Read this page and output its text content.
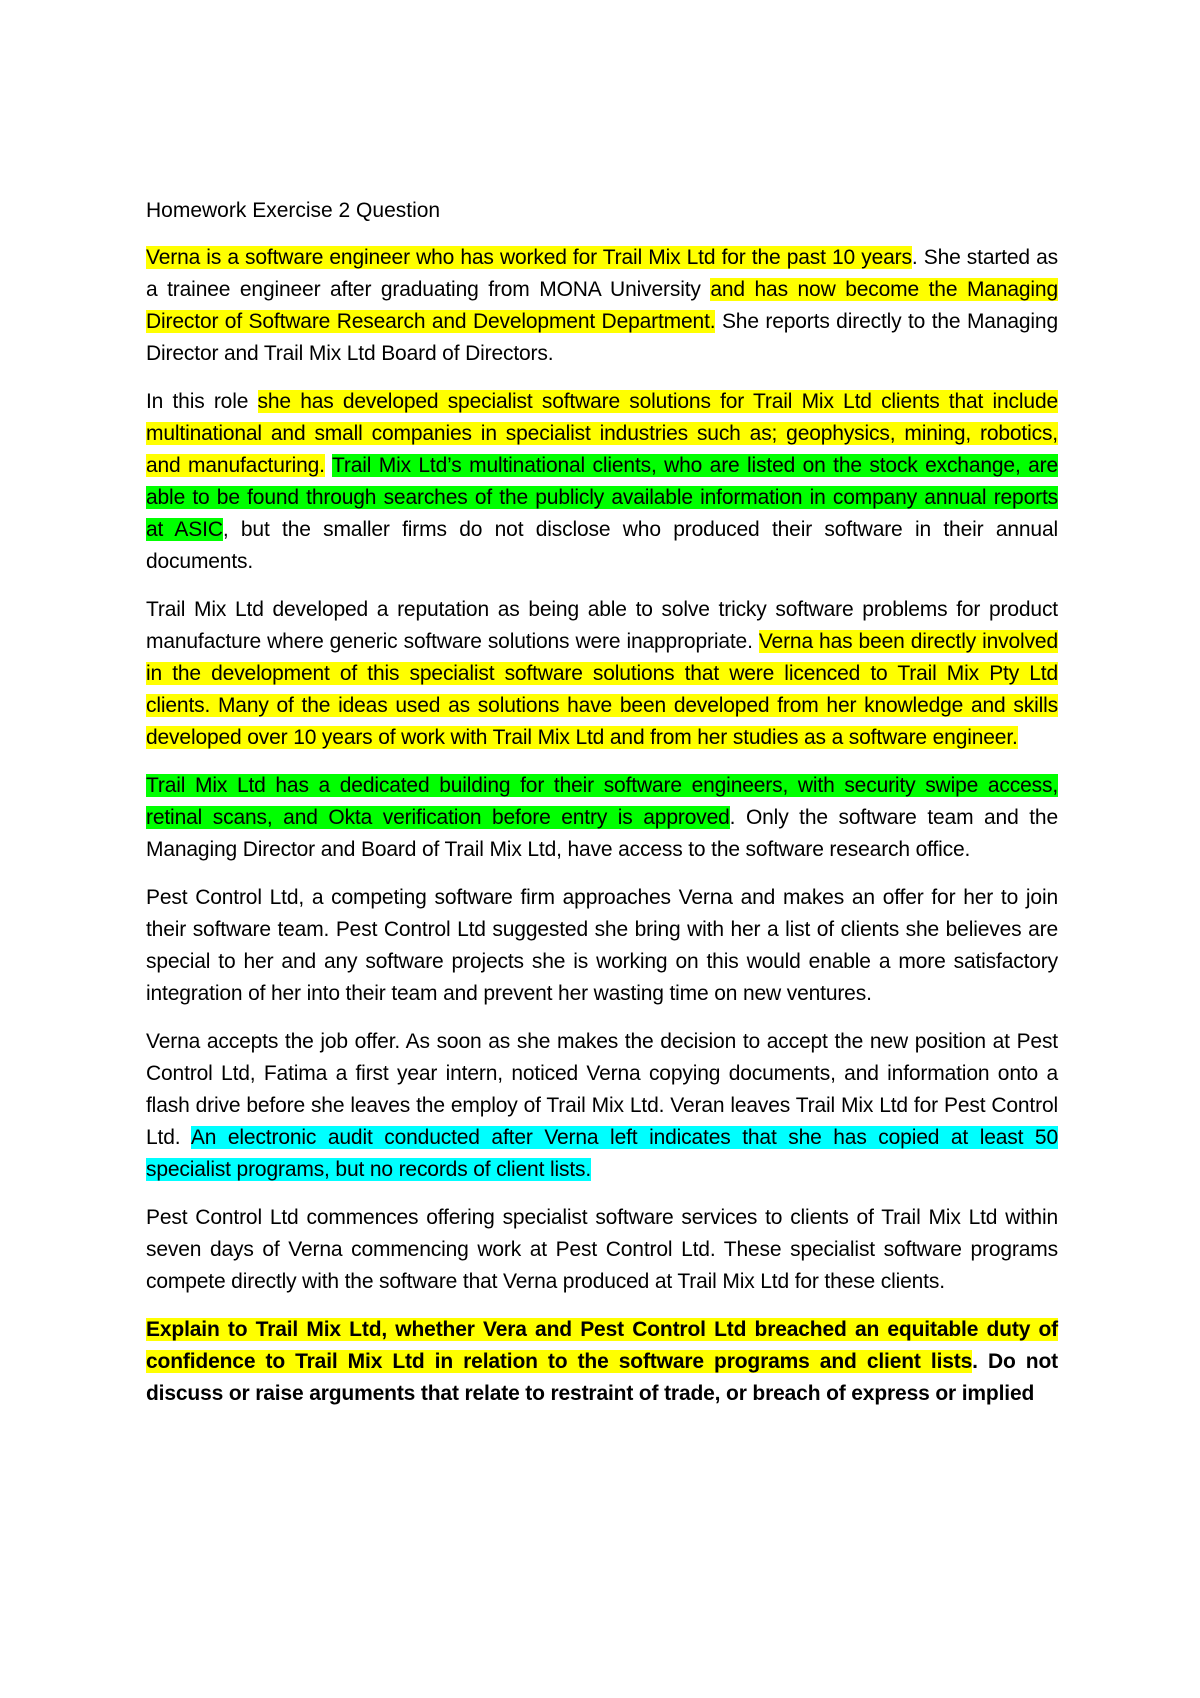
Homework Exercise 2 Question

Verna is a software engineer who has worked for Trail Mix Ltd for the past 10 years. She started as a trainee engineer after graduating from MONA University and has now become the Managing Director of Software Research and Development Department. She reports directly to the Managing Director and Trail Mix Ltd Board of Directors.

In this role she has developed specialist software solutions for Trail Mix Ltd clients that include multinational and small companies in specialist industries such as; geophysics, mining, robotics, and manufacturing. Trail Mix Ltd’s multinational clients, who are listed on the stock exchange, are able to be found through searches of the publicly available information in company annual reports at ASIC, but the smaller firms do not disclose who produced their software in their annual documents.

Trail Mix Ltd developed a reputation as being able to solve tricky software problems for product manufacture where generic software solutions were inappropriate. Verna has been directly involved in the development of this specialist software solutions that were licenced to Trail Mix Pty Ltd clients. Many of the ideas used as solutions have been developed from her knowledge and skills developed over 10 years of work with Trail Mix Ltd and from her studies as a software engineer.

Trail Mix Ltd has a dedicated building for their software engineers, with security swipe access, retinal scans, and Okta verification before entry is approved. Only the software team and the Managing Director and Board of Trail Mix Ltd, have access to the software research office.

Pest Control Ltd, a competing software firm approaches Verna and makes an offer for her to join their software team. Pest Control Ltd suggested she bring with her a list of clients she believes are special to her and any software projects she is working on this would enable a more satisfactory integration of her into their team and prevent her wasting time on new ventures.

Verna accepts the job offer. As soon as she makes the decision to accept the new position at Pest Control Ltd, Fatima a first year intern, noticed Verna copying documents, and information onto a flash drive before she leaves the employ of Trail Mix Ltd. Veran leaves Trail Mix Ltd for Pest Control Ltd. An electronic audit conducted after Verna left indicates that she has copied at least 50 specialist programs, but no records of client lists.

Pest Control Ltd commences offering specialist software services to clients of Trail Mix Ltd within seven days of Verna commencing work at Pest Control Ltd. These specialist software programs compete directly with the software that Verna produced at Trail Mix Ltd for these clients.

Explain to Trail Mix Ltd, whether Vera and Pest Control Ltd breached an equitable duty of confidence to Trail Mix Ltd in relation to the software programs and client lists. Do not discuss or raise arguments that relate to restraint of trade, or breach of express or implied
